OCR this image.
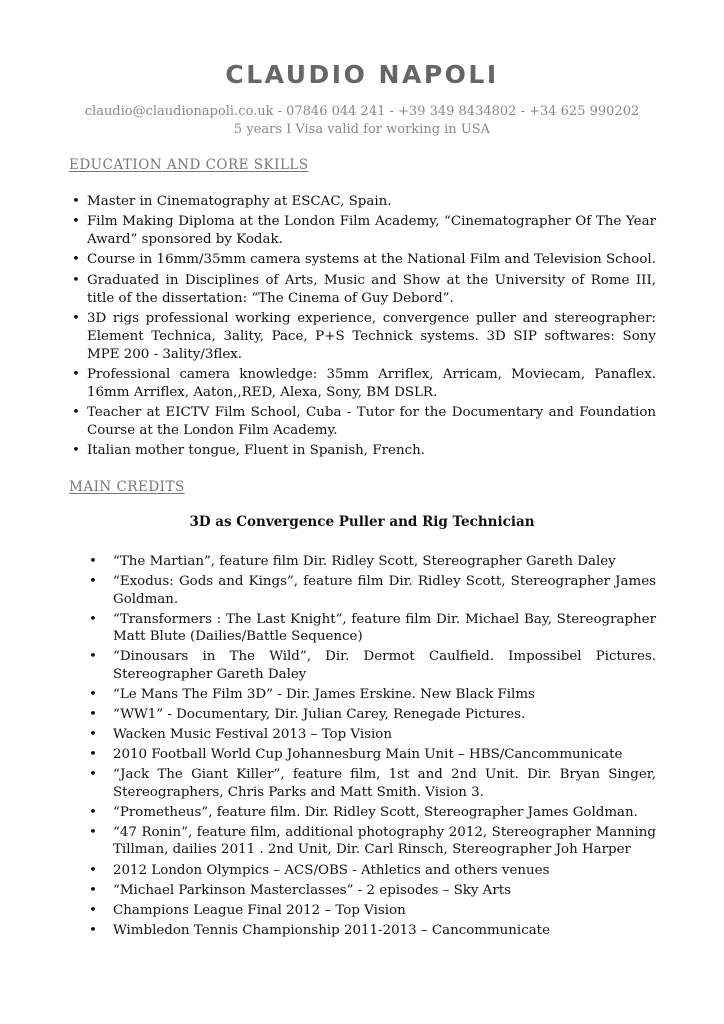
CLAUDIO NAPOLI
claudio@claudionapoli.co.uk - 07846 044 241 - +39 349 8434802 - +34 625 990202
5 years I Visa valid for working in USA
EDUCATION AND CORE SKILLS
• Master in Cinematography at ESCAC, Spain.
• Film Making Diploma at the London Film Academy, “Cinematographer Of The Year Award” sponsored by Kodak.
• Course in 16mm/35mm camera systems at the National Film and Television School.
• Graduated in Disciplines of Arts, Music and Show at the University of Rome III, title of the dissertation: “The Cinema of Guy Debord”.
• 3D rigs professional working experience, convergence puller and stereographer: Element Technica, 3ality, Pace, P+S Technick systems. 3D SIP softwares: Sony MPE 200 - 3ality/3flex.
• Professional camera knowledge: 35mm Arriflex, Arricam, Moviecam, Panaflex. 16mm Arriflex, Aaton,,RED, Alexa, Sony, BM DSLR.
• Teacher at EICTV Film School, Cuba - Tutor for the Documentary and Foundation Course at the London Film Academy.
• Italian mother tongue, Fluent in Spanish, French.
MAIN CREDITS
3D as Convergence Puller and Rig Technician
• “The Martian”, feature film Dir. Ridley Scott, Stereographer Gareth Daley
• “Exodus: Gods and Kings”, feature film Dir. Ridley Scott, Stereographer James Goldman.
• “Transformers : The Last Knight”, feature film Dir. Michael Bay, Stereographer Matt Blute (Dailies/Battle Sequence)
• “Dinousars in The Wild”, Dir. Dermot Caulfield. Impossibel Pictures. Stereographer Gareth Daley
• “Le Mans The Film 3D” - Dir. James Erskine. New Black Films
• “WW1” - Documentary, Dir. Julian Carey, Renegade Pictures.
• Wacken Music Festival 2013 – Top Vision
• 2010 Football World Cup Johannesburg Main Unit – HBS/Cancommunicate
• “Jack The Giant Killer”, feature film, 1st and 2nd Unit. Dir. Bryan Singer, Stereographers, Chris Parks and Matt Smith. Vision 3.
• “Prometheus”, feature film. Dir. Ridley Scott, Stereographer James Goldman.
• “47 Ronin”, feature film, additional photography 2012, Stereographer Manning Tillman, dailies 2011 . 2nd Unit, Dir. Carl Rinsch, Stereographer Joh Harper
• 2012 London Olympics – ACS/OBS - Athletics and others venues
• “Michael Parkinson Masterclasses” - 2 episodes – Sky Arts
• Champions League Final 2012 – Top Vision
• Wimbledon Tennis Championship 2011-2013 – Cancommunicate
